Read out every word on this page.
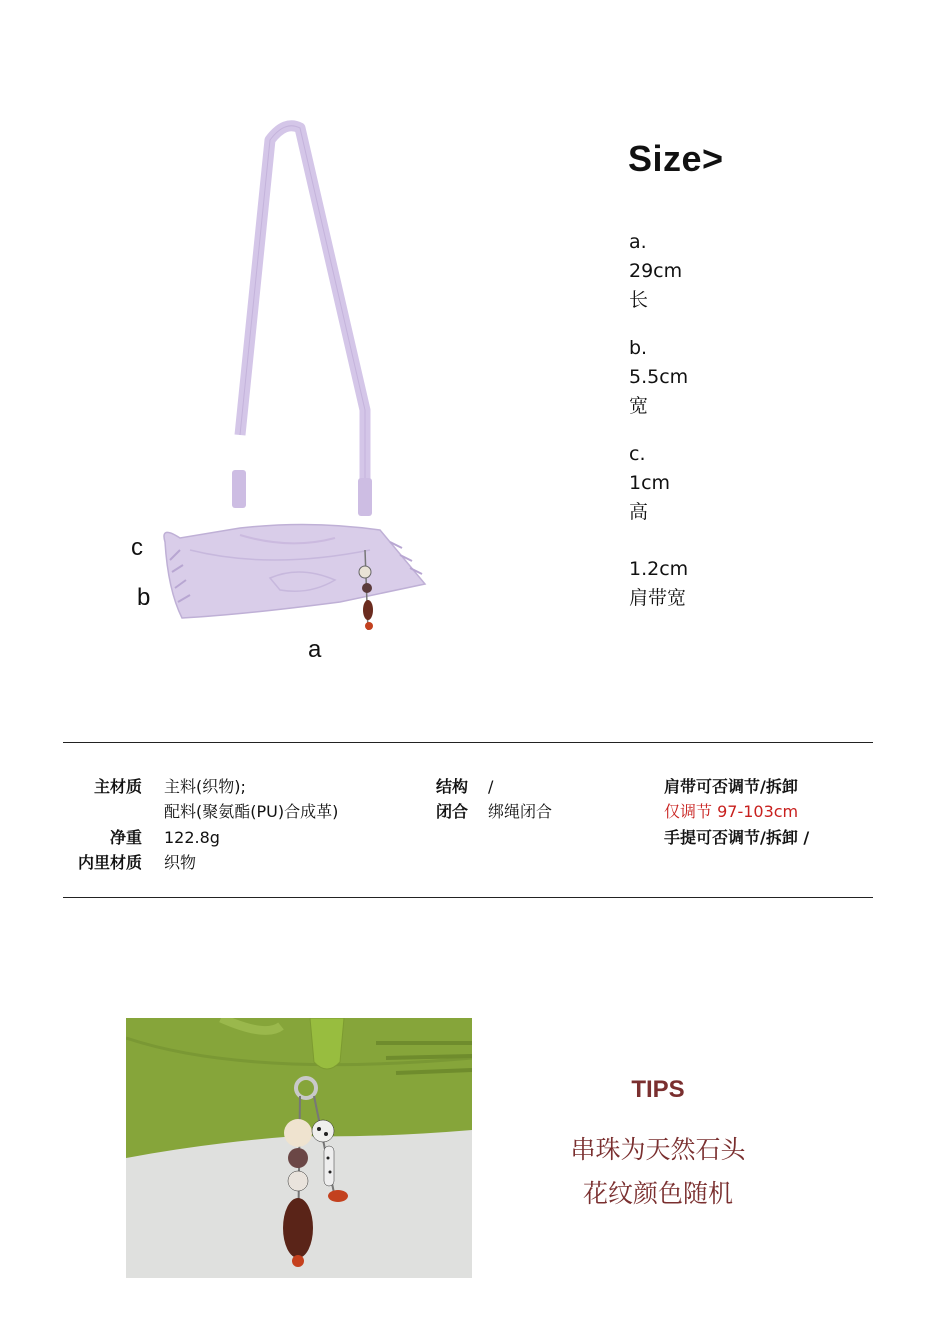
c
b
a
Size>
a.
29cm
长
b.
5.5cm
宽
c.
1cm
高
1.2cm
肩带宽
主材质 主料(织物);
配料(聚氨酯(PU)合成革)
净重 122.8g
内里材质 织物
结构 /
闭合 绑绳闭合
肩带可否调节/拆卸
仅调节 97-103cm
手提可否调节/拆卸 /
TIPS
串珠为天然石头
花纹颜色随机
